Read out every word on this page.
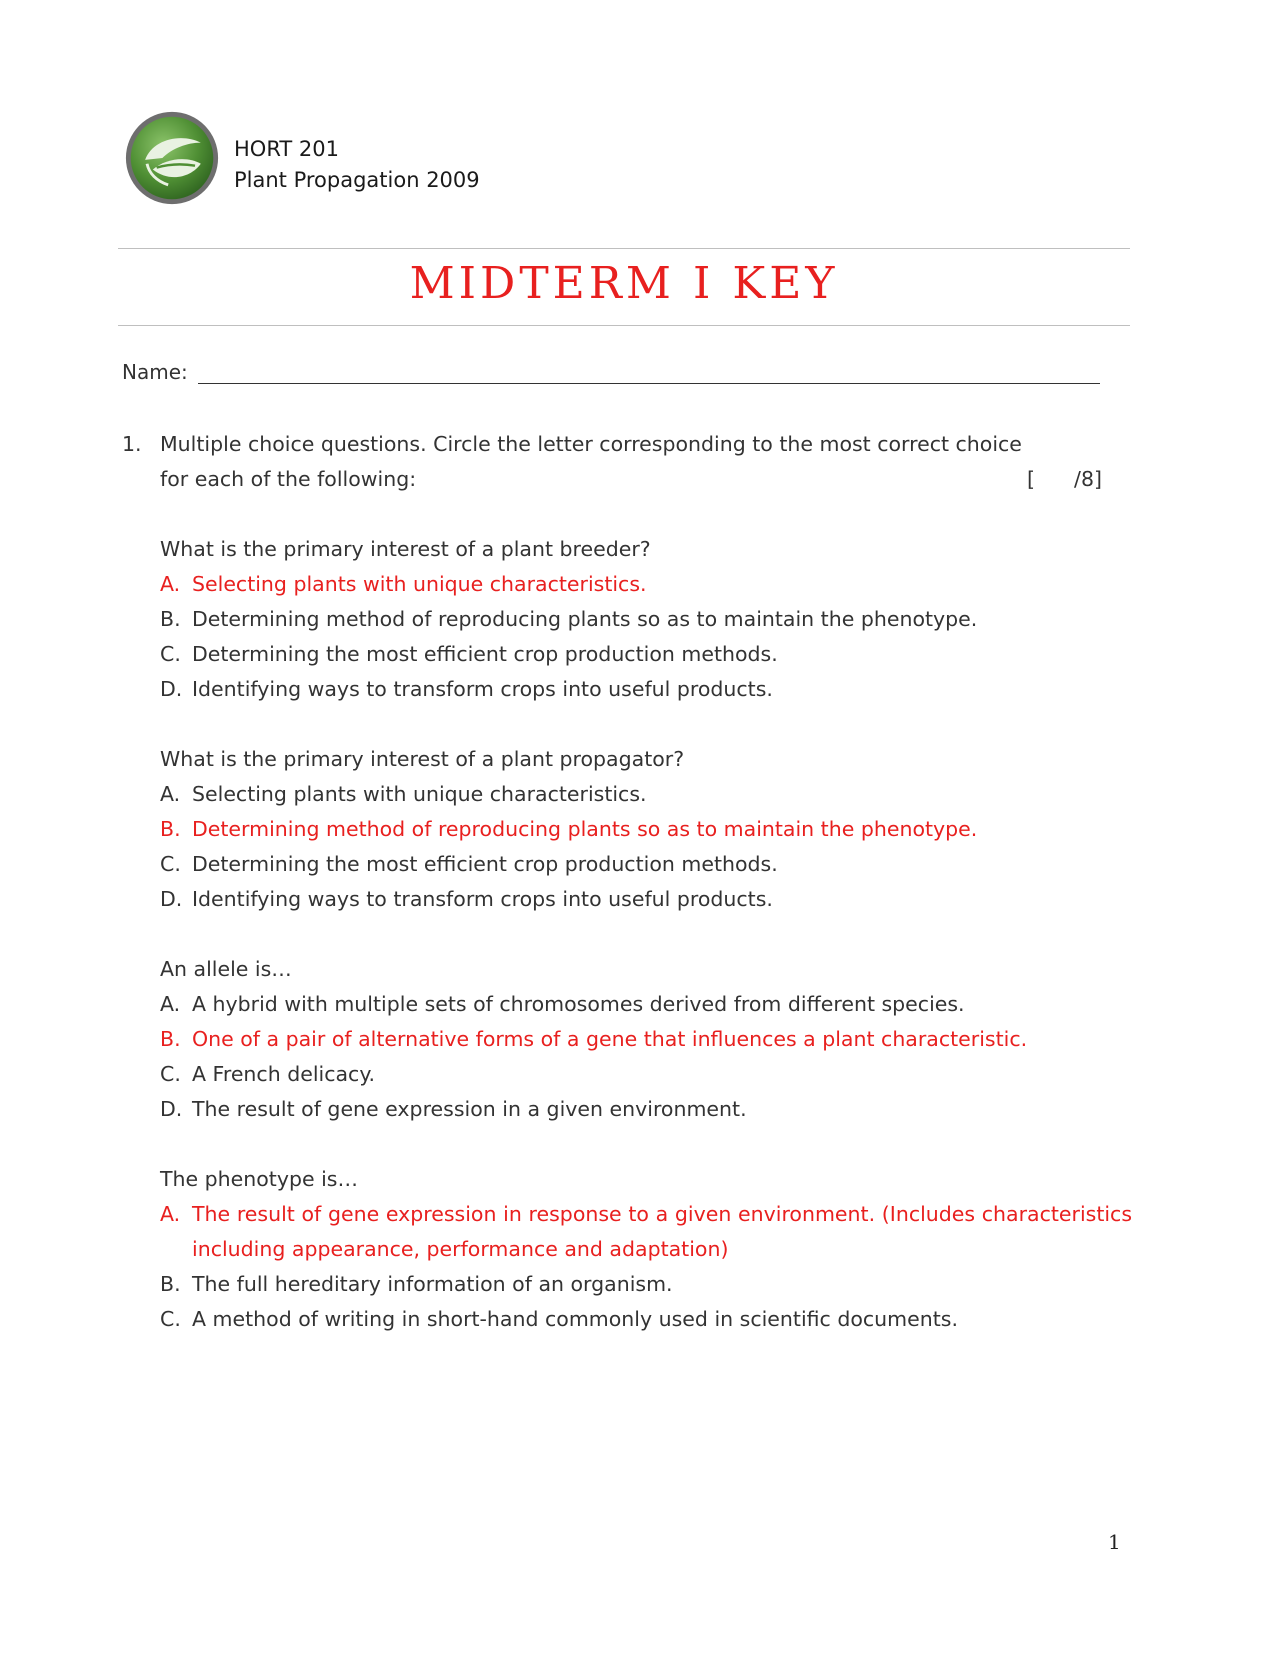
HORT 201
Plant Propagation 2009
MIDTERM I KEY
Name:
1. Multiple choice questions. Circle the letter corresponding to the most correct choice
for each of the following:	[      /8]
What is the primary interest of a plant breeder?
A. Selecting plants with unique characteristics.
B. Determining method of reproducing plants so as to maintain the phenotype.
C. Determining the most efficient crop production methods.
D. Identifying ways to transform crops into useful products.
What is the primary interest of a plant propagator?
A. Selecting plants with unique characteristics.
B. Determining method of reproducing plants so as to maintain the phenotype.
C. Determining the most efficient crop production methods.
D. Identifying ways to transform crops into useful products.
An allele is…
A. A hybrid with multiple sets of chromosomes derived from different species.
B. One of a pair of alternative forms of a gene that influences a plant characteristic.
C. A French delicacy.
D. The result of gene expression in a given environment.
The phenotype is…
A. The result of gene expression in response to a given environment. (Includes characteristics including appearance, performance and adaptation)
B. The full hereditary information of an organism.
C. A method of writing in short-hand commonly used in scientific documents.
1
